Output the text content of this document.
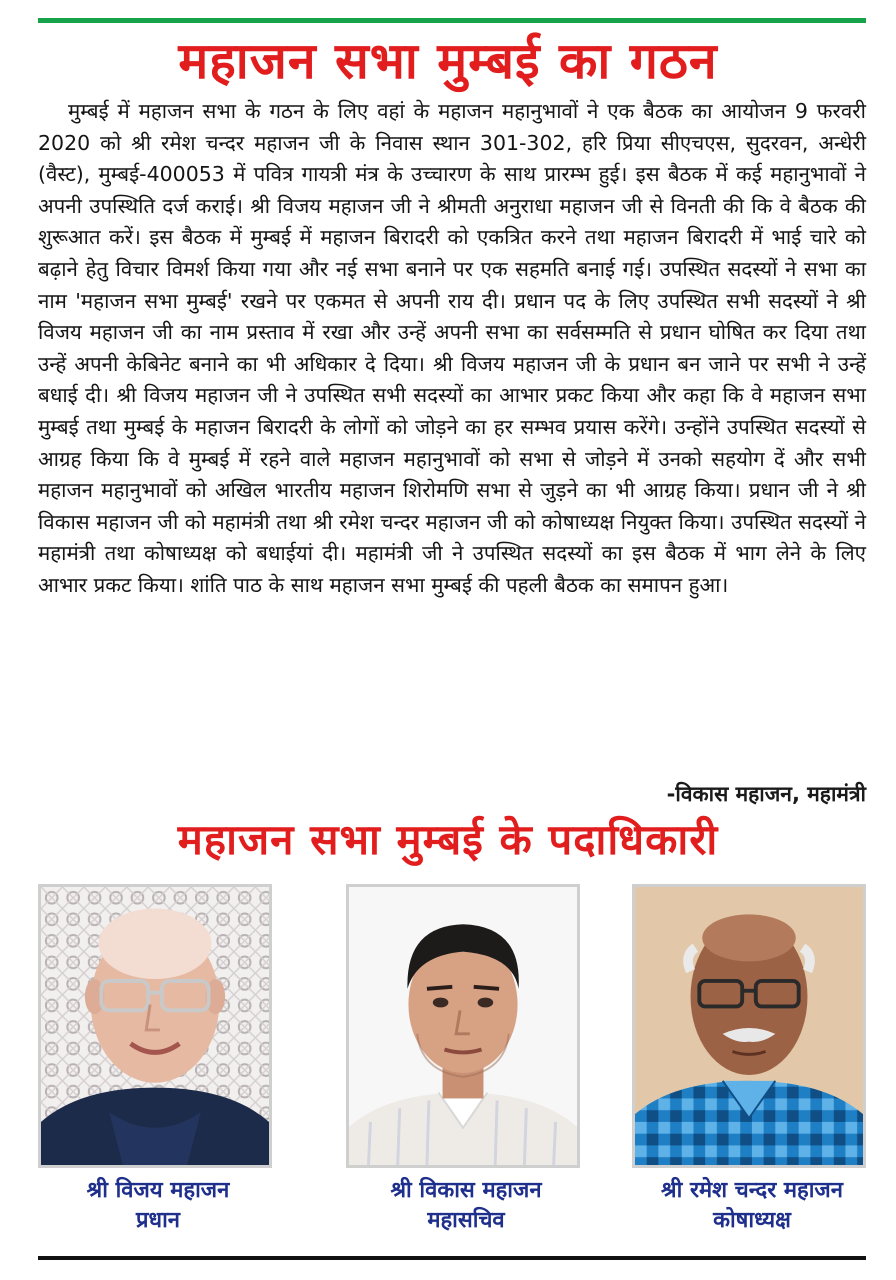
महाजन सभा मुम्बई का गठन

मुम्बई में महाजन सभा के गठन के लिए वहां के महाजन महानुभावों ने एक बैठक का आयोजन 9 फरवरी 2020 को श्री रमेश चन्दर महाजन जी के निवास स्थान 301-302, हरि प्रिया सीएचएस, सुदरवन, अन्धेरी (वैस्ट), मुम्बई-400053 में पवित्र गायत्री मंत्र के उच्चारण के साथ प्रारम्भ हुई। इस बैठक में कई महानुभावों ने अपनी उपस्थिति दर्ज कराई। श्री विजय महाजन जी ने श्रीमती अनुराधा महाजन जी से विनती की कि वे बैठक की शुरूआत करें। इस बैठक में मुम्बई में महाजन बिरादरी को एकत्रित करने तथा महाजन बिरादरी में भाई चारे को बढ़ाने हेतु विचार विमर्श किया गया और नई सभा बनाने पर एक सहमति बनाई गई। उपस्थित सदस्यों ने सभा का नाम 'महाजन सभा मुम्बई' रखने पर एकमत से अपनी राय दी। प्रधान पद के लिए उपस्थित सभी सदस्यों ने श्री विजय महाजन जी का नाम प्रस्ताव में रखा और उन्हें अपनी सभा का सर्वसम्मति से प्रधान घोषित कर दिया तथा उन्हें अपनी केबिनेट बनाने का भी अधिकार दे दिया। श्री विजय महाजन जी के प्रधान बन जाने पर सभी ने उन्हें बधाई दी। श्री विजय महाजन जी ने उपस्थित सभी सदस्यों का आभार प्रकट किया और कहा कि वे महाजन सभा मुम्बई तथा मुम्बई के महाजन बिरादरी के लोगों को जोड़ने का हर सम्भव प्रयास करेंगे। उन्होंने उपस्थित सदस्यों से आग्रह किया कि वे मुम्बई में रहने वाले महाजन महानुभावों को सभा से जोड़ने में उनको सहयोग दें और सभी महाजन महानुभावों को अखिल भारतीय महाजन शिरोमणि सभा से जुड़ने का भी आग्रह किया। प्रधान जी ने श्री विकास महाजन जी को महामंत्री तथा श्री रमेश चन्दर महाजन जी को कोषाध्यक्ष नियुक्त किया। उपस्थित सदस्यों ने महामंत्री तथा कोषाध्यक्ष को बधाईयां दी। महामंत्री जी ने उपस्थित सदस्यों का इस बैठक में भाग लेने के लिए आभार प्रकट किया। शांति पाठ के साथ महाजन सभा मुम्बई की पहली बैठक का समापन हुआ।

-विकास महाजन, महामंत्री

महाजन सभा मुम्बई के पदाधिकारी
श्री विजय महाजन
प्रधान
श्री विकास महाजन
महासचिव
श्री रमेश चन्दर महाजन
कोषाध्यक्ष
